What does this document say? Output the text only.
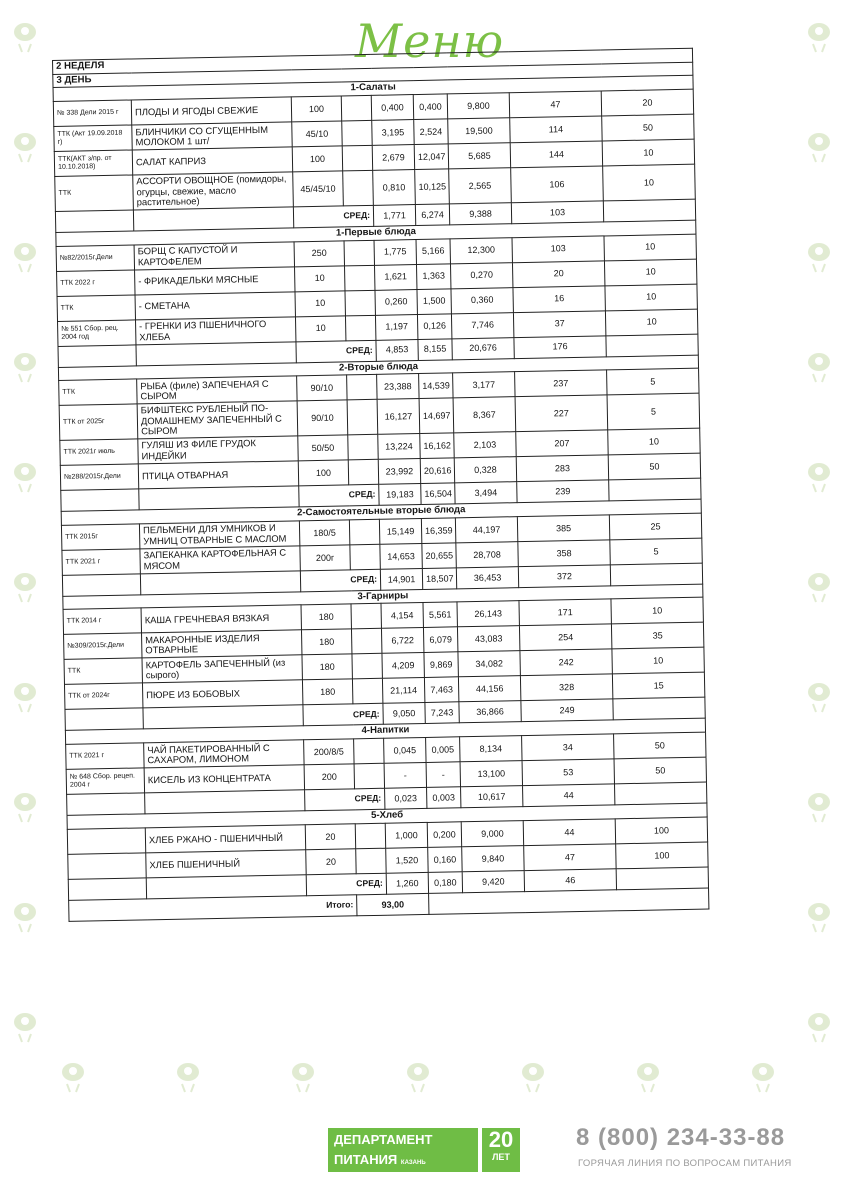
Меню
2 НЕДЕЛЯ								
3 ДЕНЬ								
1-Салаты								
№ 338 Дели 2015 г	ПЛОДЫ И ЯГОДЫ СВЕЖИЕ	100		0,400	0,400	9,800	47	20
ТТК (Акт 19.09.2018 г)	БЛИНЧИКИ СО СГУЩЕННЫМ МОЛОКОМ 1 шт/	45/10		3,195	2,524	19,500	114	50
ТТК(АКТ з/пр. от 10.10.2018)	САЛАТ КАПРИЗ	100		2,679	12,047	5,685	144	10
ТТК	АССОРТИ ОВОЩНОЕ (помидоры, огурцы, свежие, масло растительное)	45/45/10		0,810	10,125	2,565	106	10
		СРЕД:		1,771	6,274	9,388	103	
1-Первые блюда								
№82/2015г.Дели	БОРЩ С КАПУСТОЙ И КАРТОФЕЛЕМ	250		1,775	5,166	12,300	103	10
ТТК 2022 г	- ФРИКАДЕЛЬКИ МЯСНЫЕ	10		1,621	1,363	0,270	20	10
ТТК	- СМЕТАНА	10		0,260	1,500	0,360	16	10
№ 551 Сбор. рец. 2004 год	- ГРЕНКИ ИЗ ПШЕНИЧНОГО ХЛЕБА	10		1,197	0,126	7,746	37	10
		СРЕД:		4,853	8,155	20,676	176	
2-Вторые блюда								
ТТК	РЫБА (филе) ЗАПЕЧЕНАЯ С СЫРОМ	90/10		23,388	14,539	3,177	237	5
ТТК от 2025г	БИФШТЕКС РУБЛЕНЫЙ ПО-ДОМАШНЕМУ ЗАПЕЧЕННЫЙ С СЫРОМ	90/10		16,127	14,697	8,367	227	5
ТТК 2021г июль	ГУЛЯШ ИЗ ФИЛЕ ГРУДОК ИНДЕЙКИ	50/50		13,224	16,162	2,103	207	10
№288/2015г.Дели	ПТИЦА ОТВАРНАЯ	100		23,992	20,616	0,328	283	50
		СРЕД:		19,183	16,504	3,494	239	
2-Самостоятельные вторые блюда								
ТТК 2015г	ПЕЛЬМЕНИ ДЛЯ УМНИКОВ И УМНИЦ ОТВАРНЫЕ С МАСЛОМ	180/5		15,149	16,359	44,197	385	25
ТТК 2021 г	ЗАПЕКАНКА КАРТОФЕЛЬНАЯ С МЯСОМ	200г		14,653	20,655	28,708	358	5
		СРЕД:		14,901	18,507	36,453	372	
3-Гарниры								
ТТК 2014 г	КАША ГРЕЧНЕВАЯ ВЯЗКАЯ	180		4,154	5,561	26,143	171	10
№309/2015г.Дели	МАКАРОННЫЕ ИЗДЕЛИЯ ОТВАРНЫЕ	180		6,722	6,079	43,083	254	35
ТТК	КАРТОФЕЛЬ ЗАПЕЧЕННЫЙ (из сырого)	180		4,209	9,869	34,082	242	10
ТТК от 2024г	ПЮРЕ ИЗ БОБОВЫХ	180		21,114	7,463	44,156	328	15
		СРЕД:		9,050	7,243	36,866	249	
4-Напитки								
ТТК 2021 г	ЧАЙ ПАКЕТИРОВАННЫЙ С САХАРОМ, ЛИМОНОМ	200/8/5		0,045	0,005	8,134	34	50
№ 648 Сбор. рецеп. 2004 г	КИСЕЛЬ ИЗ КОНЦЕНТРАТА	200		-	-	13,100	53	50
		СРЕД:		0,023	0,003	10,617	44	
5-Хлеб								
	ХЛЕБ РЖАНО - ПШЕНИЧНЫЙ	20		1,000	0,200	9,000	44	100
	ХЛЕБ ПШЕНИЧНЫЙ	20		1,520	0,160	9,840	47	100
		СРЕД:		1,260	0,180	9,420	46	
Итого:			93,00					
ДЕПАРТАМЕНТ
ПИТАНИЯ КАЗАНЬ
20
ЛЕТ
8 (800) 234-33-88
ГОРЯЧАЯ ЛИНИЯ ПО ВОПРОСАМ ПИТАНИЯ
